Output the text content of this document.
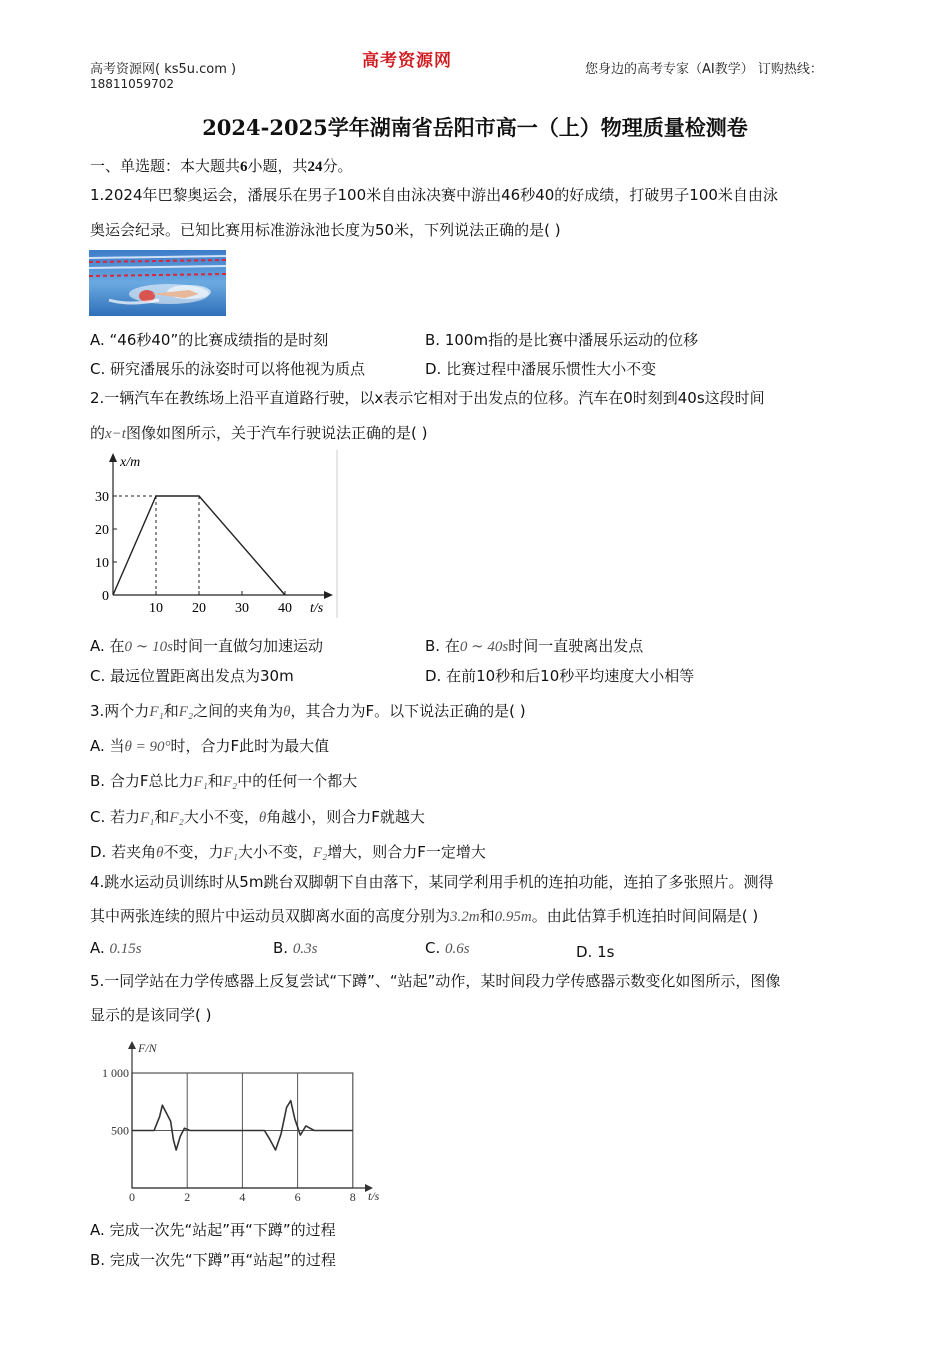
高考资源网( ks5u.com )
18811059702
高考资源网	您身边的高考专家（AI教学） 订购热线：
2024-2025学年湖南省岳阳市高一（上）物理质量检测卷
一、单选题：本大题共6小题，共24分。
1.2024年巴黎奥运会，潘展乐在男子100米自由泳决赛中游出46秒40的好成绩，打破男子100米自由泳
奥运会纪录。已知比赛用标准游泳池长度为50米，下列说法正确的是( )
A. “46秒40”的比赛成绩指的是时刻	B. 100m指的是比赛中潘展乐运动的位移
C. 研究潘展乐的泳姿时可以将他视为质点	D. 比赛过程中潘展乐惯性大小不变
2.一辆汽车在教练场上沿平直道路行驶，以x表示它相对于出发点的位移。汽车在0时刻到40s这段时间
的x−t图像如图所示，关于汽车行驶说法正确的是( )
x/m
t/s
0
10
20
30
10 20 30 40
A. 在0 ∼ 10s时间一直做匀加速运动	B. 在0 ∼ 40s时间一直驶离出发点
C. 最远位置距离出发点为30m	D. 在前10秒和后10秒平均速度大小相等
3.两个力F₁和F₂之间的夹角为θ，其合力为F。以下说法正确的是( )
A. 当θ = 90°时，合力F此时为最大值
B. 合力F总比力F₁和F₂中的任何一个都大
C. 若力F₁和F₂大小不变，θ角越小，则合力F就越大
D. 若夹角θ不变，力F₁大小不变，F₂增大，则合力F一定增大
4.跳水运动员训练时从5m跳台双脚朝下自由落下，某同学利用手机的连拍功能，连拍了多张照片。测得
其中两张连续的照片中运动员双脚离水面的高度分别为3.2m和0.95m。由此估算手机连拍时间间隔是( )
A. 0.15s	B. 0.3s	C. 0.6s	D. 1s
5.一同学站在力学传感器上反复尝试“下蹲”、“站起”动作，某时间段力学传感器示数变化如图所示，图像
显示的是该同学( )
F/N
t/s
500
1 000
0	2	4	6	8
A. 完成一次先“站起”再“下蹲”的过程
B. 完成一次先“下蹲”再“站起”的过程
